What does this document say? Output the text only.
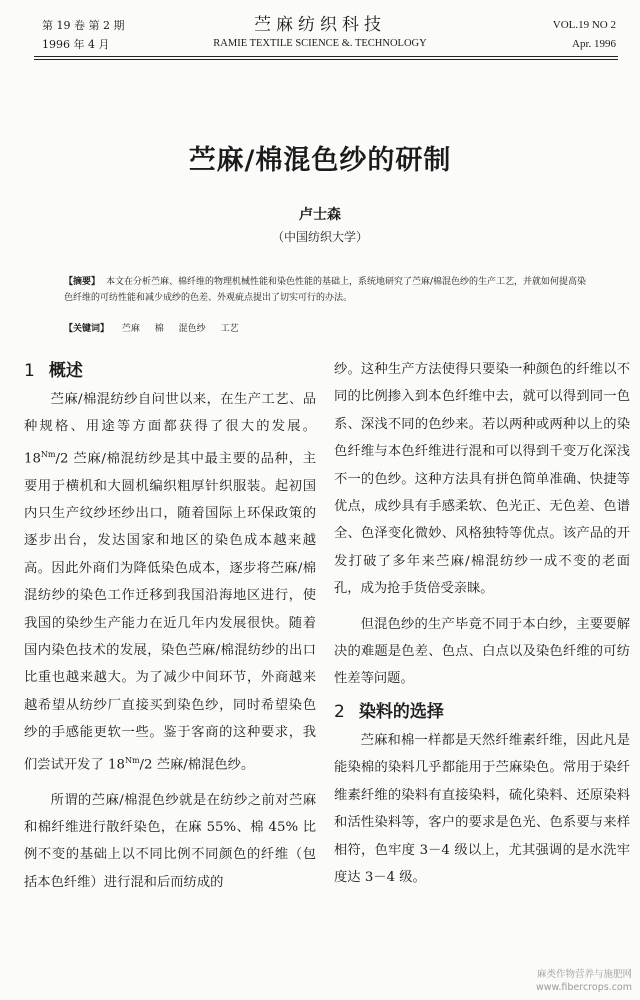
第 19 卷 第 2 期
1996 年 4 月
苎麻纺织科技
RAMIE TEXTILE SCIENCE &. TECHNOLOGY
VOL.19 NO 2
Apr. 1996
苎麻/棉混色纱的研制
卢士森
（中国纺织大学）
【摘要】 本文在分析苎麻、棉纤维的物理机械性能和染色性能的基础上，系统地研究了苎麻/棉混色纱的生产工艺，并就如何提高染色纤维的可纺性能和减少成纱的色差、外观疵点提出了切实可行的办法。
【关键词】 苎麻 棉 混色纱 工艺
1 概述

苎麻/棉混纺纱自问世以来，在生产工艺、品种规格、用途等方面都获得了很大的发展。$18^{Nm}/2$ 苎麻/棉混纺纱是其中最主要的品种，主要用于横机和大圆机编织粗厚针织服装。起初国内只生产纹纱坯纱出口，随着国际上环保政策的逐步出台，发达国家和地区的染色成本越来越高。因此外商们为降低染色成本，逐步将苎麻/棉混纺纱的染色工作迁移到我国沿海地区进行，使我国的染纱生产能力在近几年内发展很快。随着国内染色技术的发展，染色苎麻/棉混纺纱的出口比重也越来越大。为了减少中间环节，外商越来越希望从纺纱厂直接买到染色纱，同时希望染色纱的手感能更软一些。鉴于客商的这种要求，我们尝试开发了 $18^{Nm}/2$ 苎麻/棉混色纱。

所谓的苎麻/棉混色纱就是在纺纱之前对苎麻和棉纤维进行散纤染色，在麻 55%、棉 45% 比例不变的基础上以不同比例不同颜色的纤维（包括本色纤维）进行混和后而纺成的

纱。这种生产方法使得只要染一种颜色的纤维以不同的比例掺入到本色纤维中去，就可以得到同一色系、深浅不同的色纱来。若以两种或两种以上的染色纤维与本色纤维进行混和可以得到千变万化深浅不一的色纱。这种方法具有拼色简单准确、快捷等优点，成纱具有手感柔软、色光正、无色差、色谱全、色泽变化微妙、风格独特等优点。该产品的开发打破了多年来苎麻/棉混纺纱一成不变的老面孔，成为抢手货倍受亲睐。

但混色纱的生产毕竟不同于本白纱，主要要解决的难题是色差、色点、白点以及染色纤维的可纺性差等问题。

2 染料的选择

苎麻和棉一样都是天然纤维素纤维，因此凡是能染棉的染料几乎都能用于苎麻染色。常用于染纤维素纤维的染料有直接染料，硫化染料、还原染料和活性染料等，客户的要求是色光、色系要与来样相符，色牢度 3－4 级以上，尤其强调的是水洗牢度达 3－4 级。

麻类作物营养与施肥网
www.fibercrops.com
